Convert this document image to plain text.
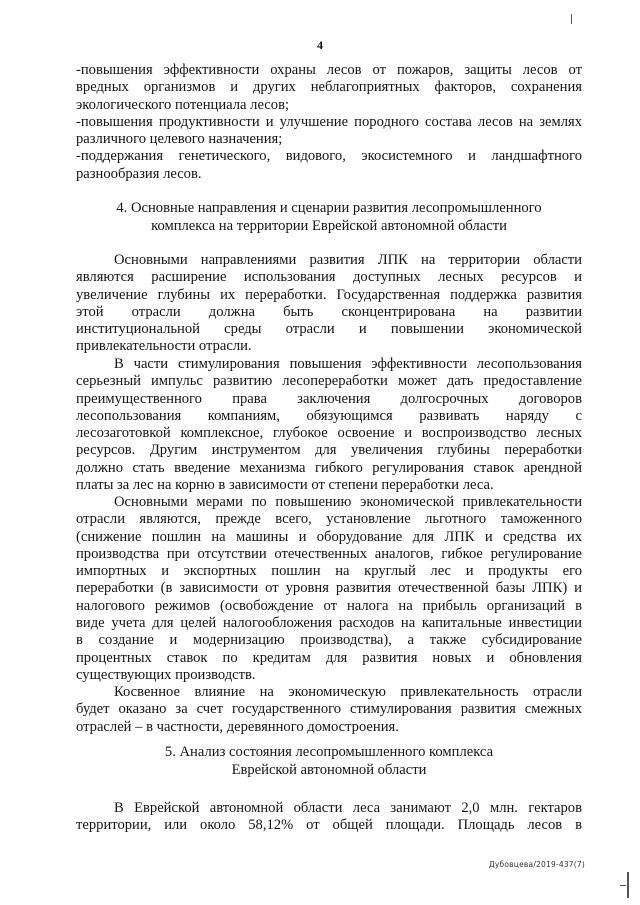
4

-повышения эффективности охраны лесов от пожаров, защиты лесов от

вредных организмов и других неблагоприятных факторов, сохранения

экологического потенциала лесов;

-повышения продуктивности и улучшение породного состава лесов на землях

различного целевого назначения;

-поддержания генетического, видового, экосистемного и ландшафтного

разнообразия лесов.

4. Основные направления и сценарии развития лесопромышленного
комплекса на территории Еврейской автономной области

Основными направлениями развития ЛПК на территории области

являются расширение использования доступных лесных ресурсов и

увеличение глубины их переработки. Государственная поддержка развития

этой отрасли должна быть сконцентрирована на развитии

институциональной среды отрасли и повышении экономической

привлекательности отрасли.

В части стимулирования повышения эффективности лесопользования

серьезный импульс развитию лесопереработки может дать предоставление

преимущественного права заключения долгосрочных договоров

лесопользования компаниям, обязующимся развивать наряду с

лесозаготовкой комплексное, глубокое освоение и воспроизводство лесных

ресурсов. Другим инструментом для увеличения глубины переработки

должно стать введение механизма гибкого регулирования ставок арендной

платы за лес на корню в зависимости от степени переработки леса.

Основными мерами по повышению экономической привлекательности

отрасли являются, прежде всего, установление льготного таможенного

(снижение пошлин на машины и оборудование для ЛПК и средства их

производства при отсутствии отечественных аналогов, гибкое регулирование

импортных и экспортных пошлин на круглый лес и продукты его

переработки (в зависимости от уровня развития отечественной базы ЛПК) и

налогового режимов (освобождение от налога на прибыль организаций в

виде учета для целей налогообложения расходов на капитальные инвестиции

в создание и модернизацию производства), а также субсидирование

процентных ставок по кредитам для развития новых и обновления

существующих производств.

Косвенное влияние на экономическую привлекательность отрасли

будет оказано за счет государственного стимулирования развития смежных

отраслей – в частности, деревянного домостроения.

5. Анализ состояния лесопромышленного комплекса
Еврейской автономной области

В Еврейской автономной области леса занимают 2,0 млн. гектаров

территории, или около 58,12% от общей площади. Площадь лесов в

Дубовцева/2019-437(7)
